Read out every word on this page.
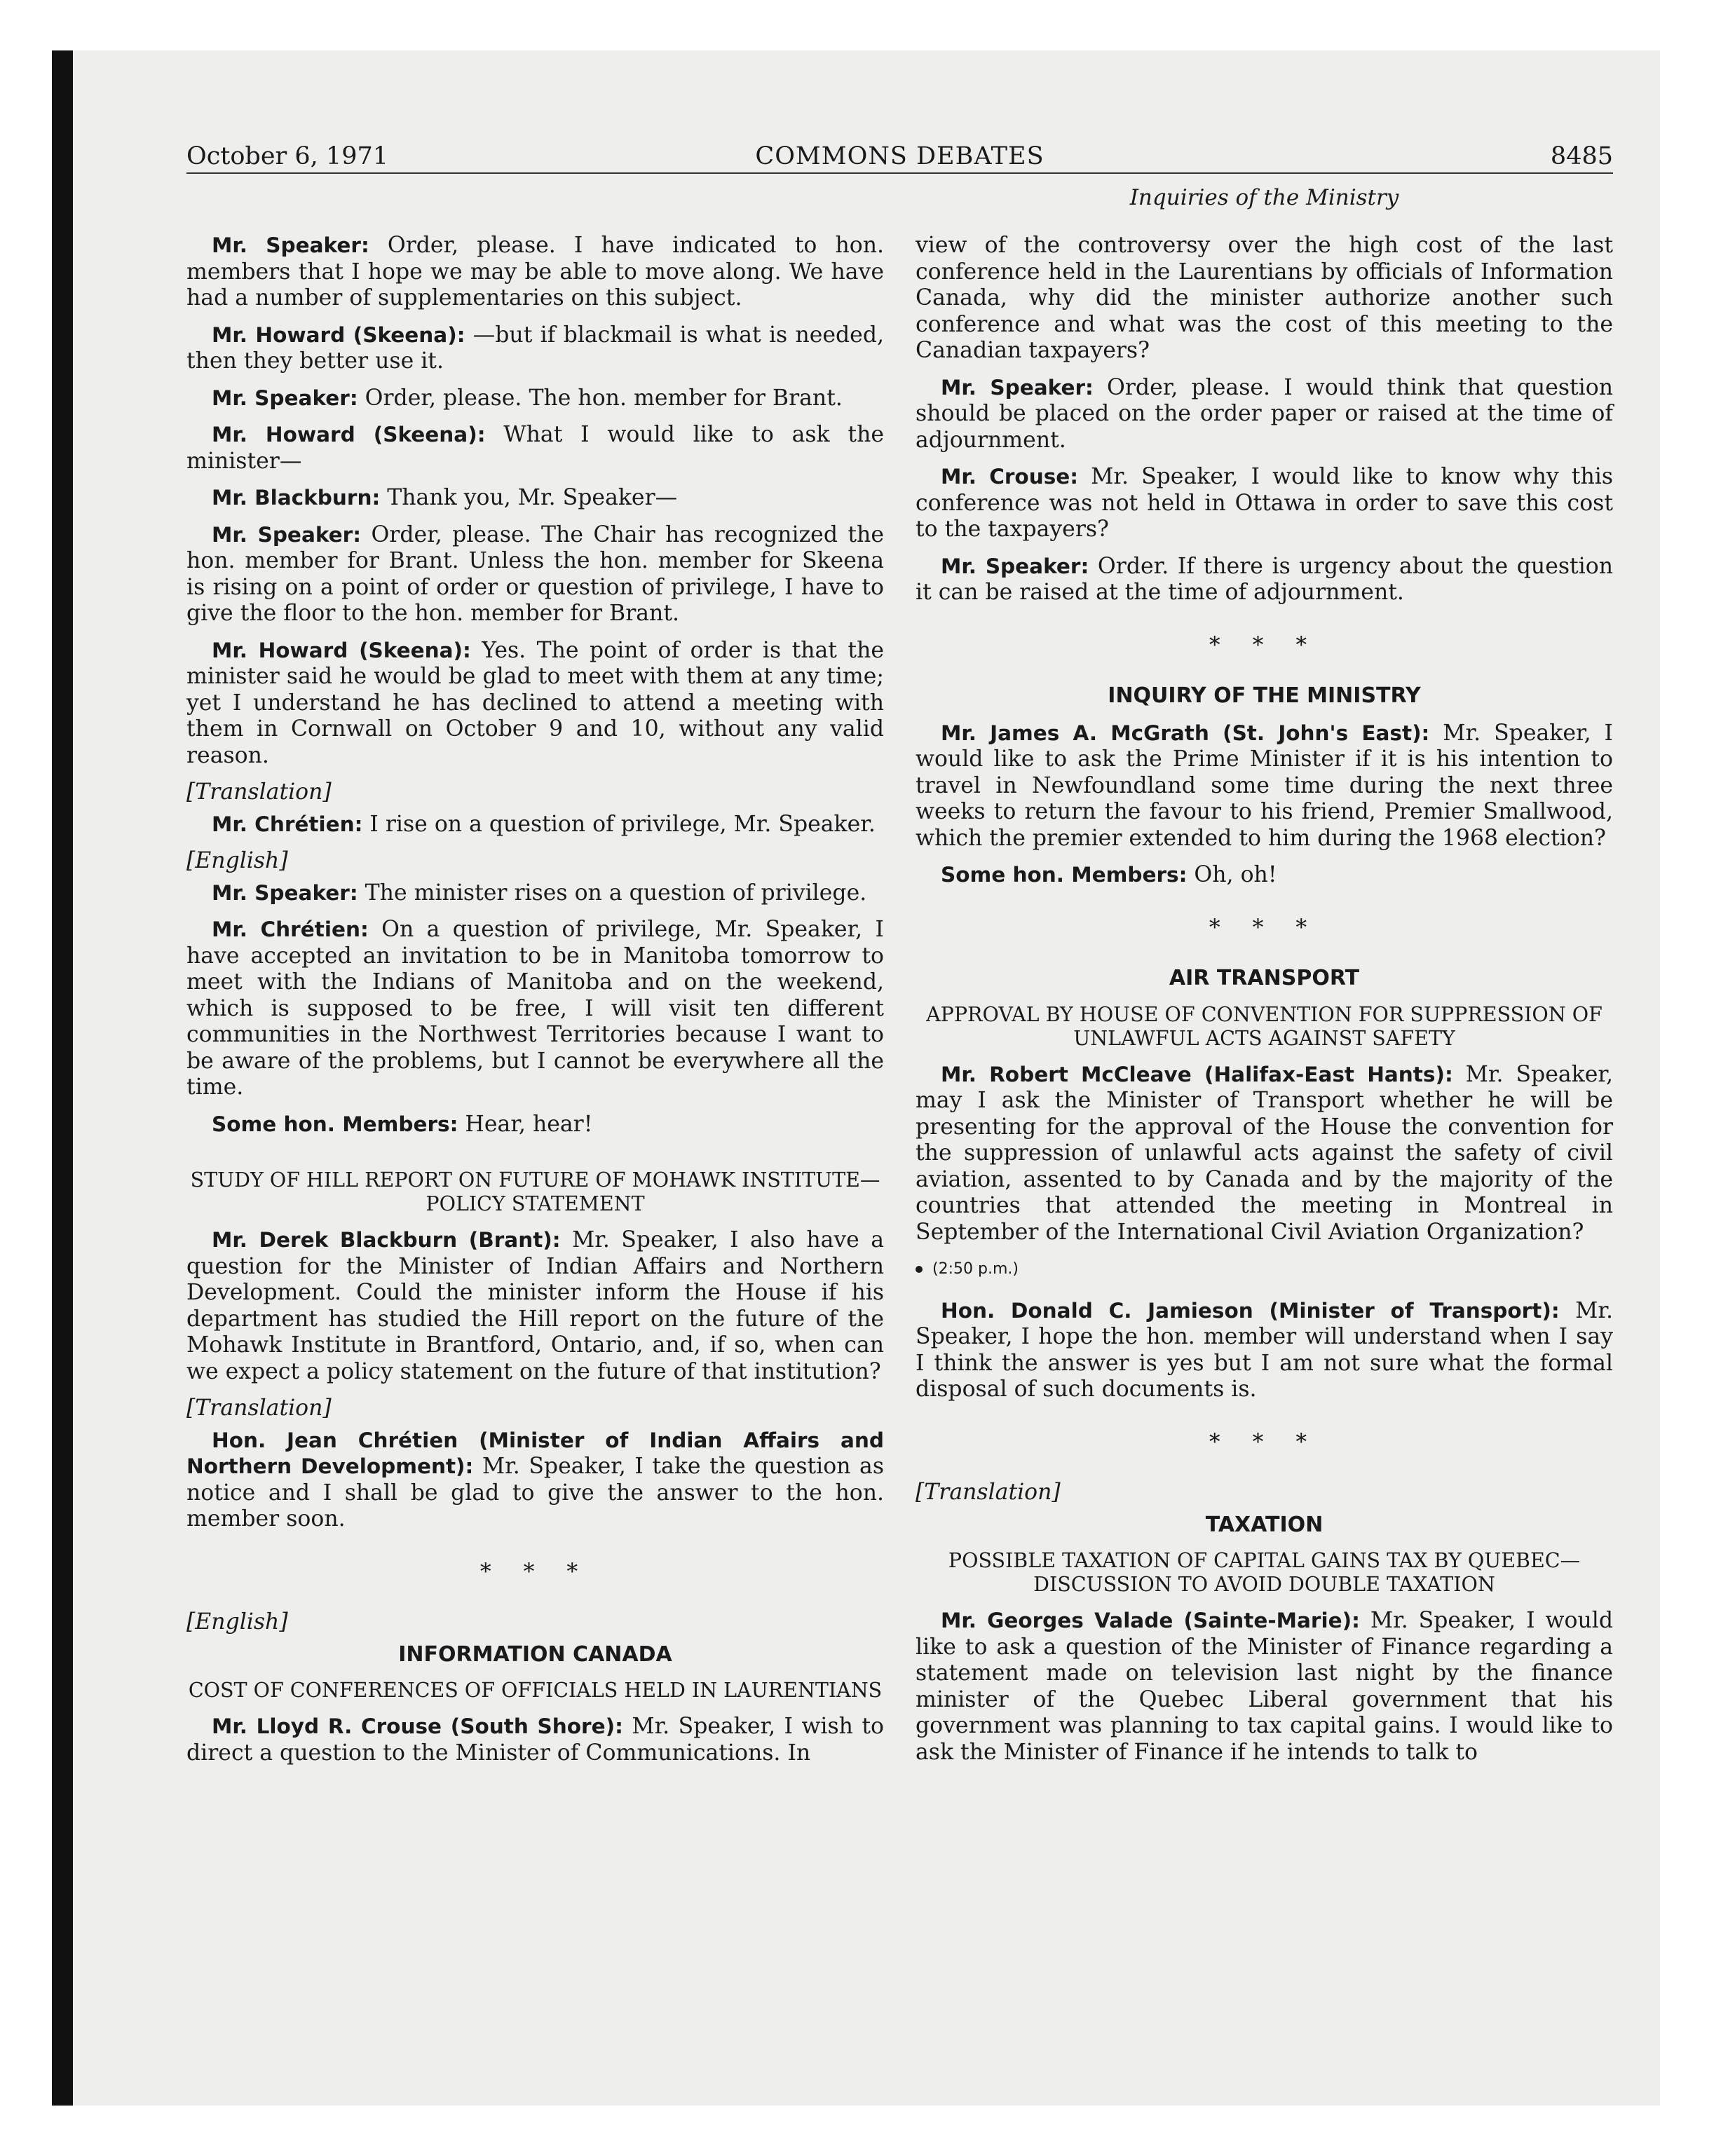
October 6, 1971	COMMONS DEBATES	8485
Inquiries of the Ministry

Mr. Speaker: Order, please. I have indicated to hon. members that I hope we may be able to move along. We have had a number of supplementaries on this subject.

Mr. Howard (Skeena): —but if blackmail is what is needed, then they better use it.

Mr. Speaker: Order, please. The hon. member for Brant.

Mr. Howard (Skeena): What I would like to ask the minister—

Mr. Blackburn: Thank you, Mr. Speaker—

Mr. Speaker: Order, please. The Chair has recognized the hon. member for Brant. Unless the hon. member for Skeena is rising on a point of order or question of privilege, I have to give the floor to the hon. member for Brant.

Mr. Howard (Skeena): Yes. The point of order is that the minister said he would be glad to meet with them at any time; yet I understand he has declined to attend a meeting with them in Cornwall on October 9 and 10, without any valid reason.

[Translation]

Mr. Chrétien: I rise on a question of privilege, Mr. Speaker.

[English]

Mr. Speaker: The minister rises on a question of privilege.

Mr. Chrétien: On a question of privilege, Mr. Speaker, I have accepted an invitation to be in Manitoba tomorrow to meet with the Indians of Manitoba and on the weekend, which is supposed to be free, I will visit ten different communities in the Northwest Territories because I want to be aware of the problems, but I cannot be everywhere all the time.

Some hon. Members: Hear, hear!

STUDY OF HILL REPORT ON FUTURE OF MOHAWK INSTITUTE—POLICY STATEMENT

Mr. Derek Blackburn (Brant): Mr. Speaker, I also have a question for the Minister of Indian Affairs and Northern Development. Could the minister inform the House if his department has studied the Hill report on the future of the Mohawk Institute in Brantford, Ontario, and, if so, when can we expect a policy statement on the future of that institution?

[Translation]

Hon. Jean Chrétien (Minister of Indian Affairs and Northern Development): Mr. Speaker, I take the question as notice and I shall be glad to give the answer to the hon. member soon.

* * *
[English]
INFORMATION CANADA
COST OF CONFERENCES OF OFFICIALS HELD IN LAURENTIANS

Mr. Lloyd R. Crouse (South Shore): Mr. Speaker, I wish to direct a question to the Minister of Communications. In

view of the controversy over the high cost of the last conference held in the Laurentians by officials of Information Canada, why did the minister authorize another such conference and what was the cost of this meeting to the Canadian taxpayers?

Mr. Speaker: Order, please. I would think that question should be placed on the order paper or raised at the time of adjournment.

Mr. Crouse: Mr. Speaker, I would like to know why this conference was not held in Ottawa in order to save this cost to the taxpayers?

Mr. Speaker: Order. If there is urgency about the question it can be raised at the time of adjournment.

* * *
INQUIRY OF THE MINISTRY

Mr. James A. McGrath (St. John's East): Mr. Speaker, I would like to ask the Prime Minister if it is his intention to travel in Newfoundland some time during the next three weeks to return the favour to his friend, Premier Smallwood, which the premier extended to him during the 1968 election?

Some hon. Members: Oh, oh!

* * *
AIR TRANSPORT
APPROVAL BY HOUSE OF CONVENTION FOR SUPPRESSION OF UNLAWFUL ACTS AGAINST SAFETY

Mr. Robert McCleave (Halifax-East Hants): Mr. Speaker, may I ask the Minister of Transport whether he will be presenting for the approval of the House the convention for the suppression of unlawful acts against the safety of civil aviation, assented to by Canada and by the majority of the countries that attended the meeting in Montreal in September of the International Civil Aviation Organization?

(2:50 p.m.)

Hon. Donald C. Jamieson (Minister of Transport): Mr. Speaker, I hope the hon. member will understand when I say I think the answer is yes but I am not sure what the formal disposal of such documents is.

* * *
[Translation]
TAXATION
POSSIBLE TAXATION OF CAPITAL GAINS TAX BY QUEBEC—DISCUSSION TO AVOID DOUBLE TAXATION

Mr. Georges Valade (Sainte-Marie): Mr. Speaker, I would like to ask a question of the Minister of Finance regarding a statement made on television last night by the finance minister of the Quebec Liberal government that his government was planning to tax capital gains. I would like to ask the Minister of Finance if he intends to talk to
